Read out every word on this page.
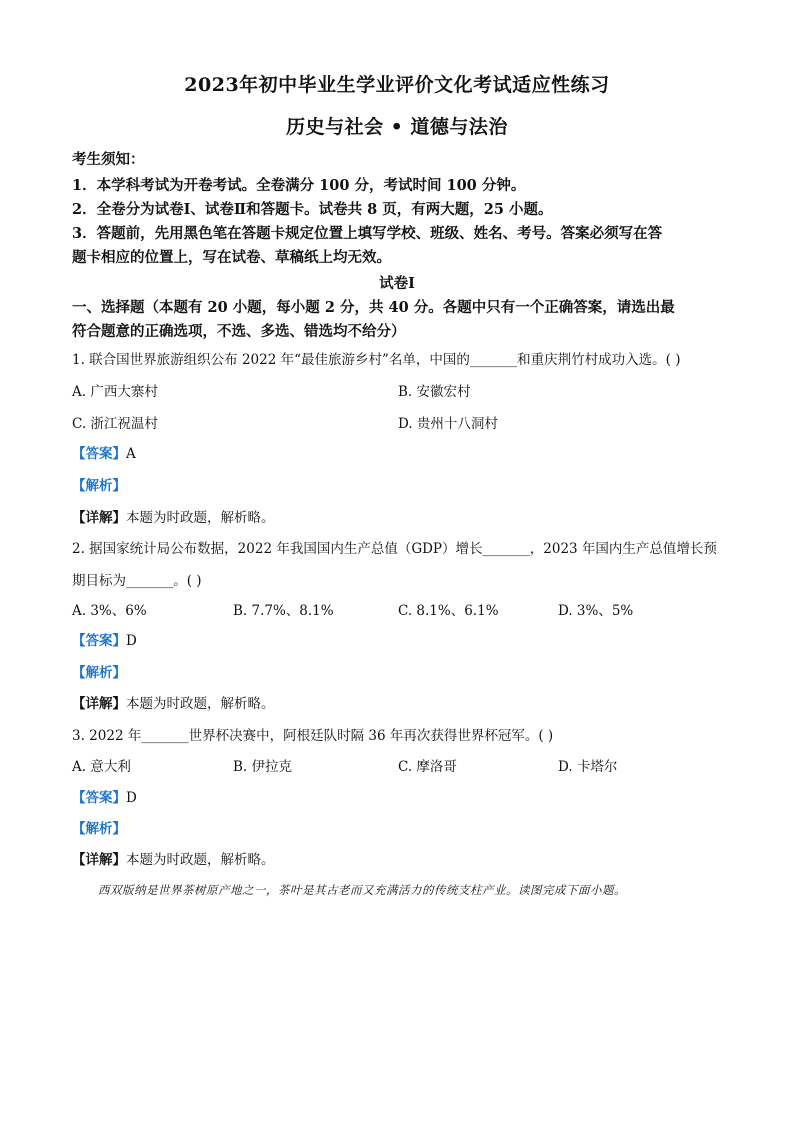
2023年初中毕业生学业评价文化考试适应性练习
历史与社会 • 道德与法治
考生须知：
1．本学科考试为开卷考试。全卷满分 100 分，考试时间 100 分钟。
2．全卷分为试卷Ⅰ、试卷Ⅱ和答题卡。试卷共 8 页，有两大题，25 小题。
3．答题前，先用黑色笔在答题卡规定位置上填写学校、班级、姓名、考号。答案必须写在答
题卡相应的位置上，写在试卷、草稿纸上均无效。
试卷Ⅰ
一、选择题（本题有 20 小题，每小题 2 分，共 40 分。各题中只有一个正确答案，请选出最
符合题意的正确选项，不选、多选、错选均不给分）
1. 联合国世界旅游组织公布 2022 年“最佳旅游乡村”名单，中国的_______和重庆荆竹村成功入选。( )
A. 广西大寨村	B. 安徽宏村
C. 浙江祝温村	D. 贵州十八洞村
【答案】A
【解析】
【详解】本题为时政题，解析略。
2. 据国家统计局公布数据，2022 年我国国内生产总值（GDP）增长_______，2023 年国内生产总值增长预
期目标为_______。( )
A. 3%、6%	B. 7.7%、8.1%	C. 8.1%、6.1%	D. 3%、5%
【答案】D
【解析】
【详解】本题为时政题，解析略。
3. 2022 年_______世界杯决赛中，阿根廷队时隔 36 年再次获得世界杯冠军。( )
A. 意大利	B. 伊拉克	C. 摩洛哥	D. 卡塔尔
【答案】D
【解析】
【详解】本题为时政题，解析略。
西双版纳是世界茶树原产地之一，茶叶是其古老而又充满活力的传统支柱产业。读图完成下面小题。
